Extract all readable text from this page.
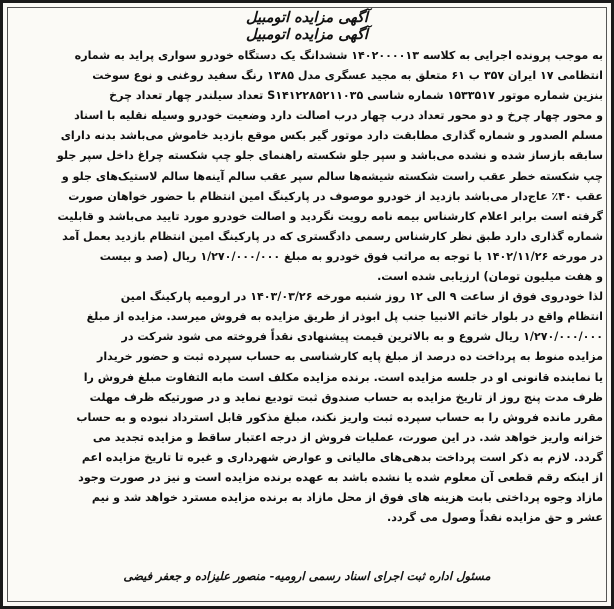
آگهی مزایده اتومبیل
آگهی مزایده اتومبیل
به موجب پرونده اجرایی به کلاسه ۱۴۰۲۰۰۰۰۱۳ ششدانگ یک دستگاه خودرو سواری پراید به شماره
انتظامی ۱۷ ایران ۳۵۷ ب ۶۱ متعلق به مجید عسگری مدل ۱۳۸۵ رنگ سفید روغنی و نوع سوخت
بنزین شماره موتور ۱۵۳۳۵۱۷ شماره شاسی S۱۴۱۲۲۸۵۲۱۱۰۳۵ تعداد سیلندر چهار تعداد چرخ
و محور چهار چرخ و دو محور تعداد درب چهار درب اصالت دارد وضعیت خودرو وسیله نقلیه با اسناد
مسلم الصدور و شماره گذاری مطابقت دارد موتور گیر بکس موقع بازدید خاموش می‌باشد بدنه دارای
سابقه بازساز شده و نشده می‌باشد و سپر جلو شکسته راهنمای جلو چپ شکسته چراغ داخل سپر جلو
چپ شکسته خطر عقب راست شکسته شیشه‌ها سالم سپر عقب سالم آینه‌ها سالم لاستیک‌های جلو و
عقب ۴۰٪ عاج‌دار می‌باشد بازدید از خودرو موصوف در پارکینگ امین انتظام با حضور خواهان صورت
گرفته است برابر اعلام کارشناس بیمه نامه رویت نگردید و اصالت خودرو مورد تایید می‌باشد و قابلیت
شماره گذاری دارد طبق نظر کارشناس رسمی دادگستری که در پارکینگ امین انتظام بازدید بعمل آمد
در مورخه ۱۴۰۲/۱۱/۲۶ با توجه به مراتب فوق خودرو به مبلغ ۱/۲۷۰/۰۰۰/۰۰۰ ریال (صد و بیست
و هفت میلیون تومان) ارزیابی شده است.
لذا خودروی فوق از ساعت ۹ الی ۱۲ روز شنبه مورخه ۱۴۰۳/۰۳/۲۶ در ارومیه پارکینگ امین
انتظام واقع در بلوار خاتم الانبیا جنب پل ابوذر از طریق مزایده به فروش میرسد. مزایده از مبلغ
۱/۲۷۰/۰۰۰/۰۰۰ ریال شروع و به بالاترین قیمت پیشنهادی نقداً فروخته می شود شرکت در
مزایده منوط به پرداخت ده درصد از مبلغ پایه کارشناسی به حساب سپرده ثبت و حضور خریدار
یا نماینده قانونی او در جلسه مزایده است. برنده مزایده مکلف است مابه التفاوت مبلغ فروش را
ظرف مدت پنج روز از تاریخ مزایده به حساب صندوق ثبت تودیع نماید و در صورتیکه ظرف مهلت
مقرر مانده فروش را به حساب سپرده ثبت واریز نکند، مبلغ مذکور قابل استرداد نبوده و به حساب
خزانه واریز خواهد شد. در این صورت، عملیات فروش از درجه اعتبار ساقط و مزایده تجدید می
گردد. لازم به ذکر است پرداخت بدهی‌های مالیاتی و عوارض شهرداری و غیره تا تاریخ مزایده اعم
از اینکه رقم قطعی آن معلوم شده یا نشده باشد به عهده برنده مزایده است و نیز در صورت وجود
مازاد وجوه پرداختی بابت هزینه های فوق از محل مازاد به برنده مزایده مسترد خواهد شد و نیم
عشر و حق مزایده نقداً وصول می گردد.
مسئول اداره ثبت اجرای اسناد رسمی ارومیه- منصور علیزاده و جعفر فیضی
